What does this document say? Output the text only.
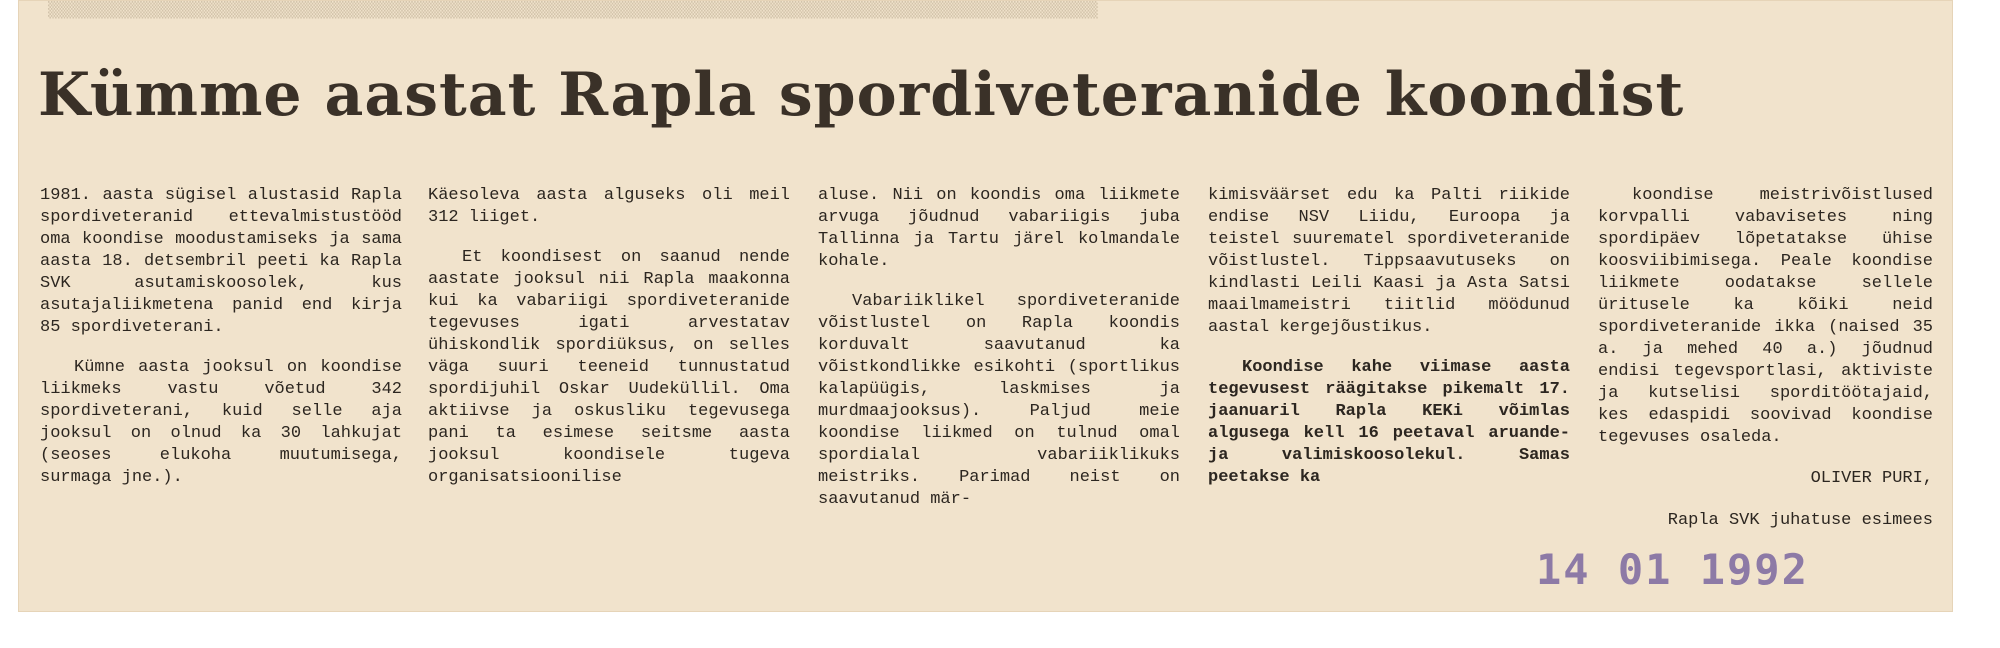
▒▒▒▒▒▒▒▒▒▒▒▒▒▒▒▒▒▒▒▒▒▒▒▒▒▒▒▒▒▒▒▒▒▒▒▒▒▒▒▒▒▒▒▒▒▒▒▒▒▒▒▒▒▒▒▒▒▒▒▒▒▒▒▒▒▒▒▒▒▒▒▒▒▒▒▒▒▒▒▒▒▒▒▒▒▒▒▒▒▒▒
Kümme aastat Rapla spordiveteranide koondist

1981. aasta sügisel alustasid Rapla spordiveteranid ettevalmistustööd oma koondise moodustamiseks ja sama aasta 18. detsembril peeti ka Rapla SVK asutamiskoosolek, kus asutajaliikmetena panid end kirja 85 spordiveterani.

Kümne aasta jooksul on koondise liikmeks vastu võetud 342 spordiveterani, kuid selle aja jooksul on olnud ka 30 lahkujat (seoses elukoha muutumisega, surmaga jne.).

Käesoleva aasta alguseks oli meil 312 liiget.

Et koondisest on saanud nende aastate jooksul nii Rapla maakonna kui ka vabariigi spordiveteranide tegevuses igati arvestatav ühiskondlik spordiüksus, on selles väga suuri teeneid tunnustatud spordijuhil Oskar Uudeküllil. Oma aktiivse ja oskusliku tegevusega pani ta esimese seitsme aasta jooksul koondisele tugeva organisatsioonilise

aluse. Nii on koondis oma liikmete arvuga jõudnud vabariigis juba Tallinna ja Tartu järel kolmandale kohale.

Vabariiklikel spordiveteranide võistlustel on Rapla koondis korduvalt saavutanud ka võistkondlikke esikohti (sportlikus kalapüügis, laskmises ja murdmaajooksus). Paljud meie koondise liikmed on tulnud omal spordialal vabariiklikuks meistriks. Parimad neist on saavutanud mär-

kimisväärset edu ka Palti riikide endise NSV Liidu, Euroopa ja teistel suurematel spordiveteranide võistlustel. Tippsaavutuseks on kindlasti Leili Kaasi ja Asta Satsi maailmameistri tiitlid möödunud aastal kergejõustikus.

Koondise kahe viimase aasta tegevusest räägitakse pikemalt 17. jaanuaril Rapla KEKi võimlas algusega kell 16 peetaval aruande- ja valimiskoosolekul. Samas peetakse ka

koondise meistrivõistlused korvpalli vabavisetes ning spordipäev lõpetatakse ühise koosviibimisega. Peale koondise liikmete oodatakse sellele üritusele ka kõiki neid spordiveteranide ikka (naised 35 a. ja mehed 40 a.) jõudnud endisi tegevsportlasi, aktiviste ja kutselisi sporditöötajaid, kes edaspidi soovivad koondise tegevuses osaleda.

OLIVER PURI,

Rapla SVK juhatuse esimees

14 01 1992
